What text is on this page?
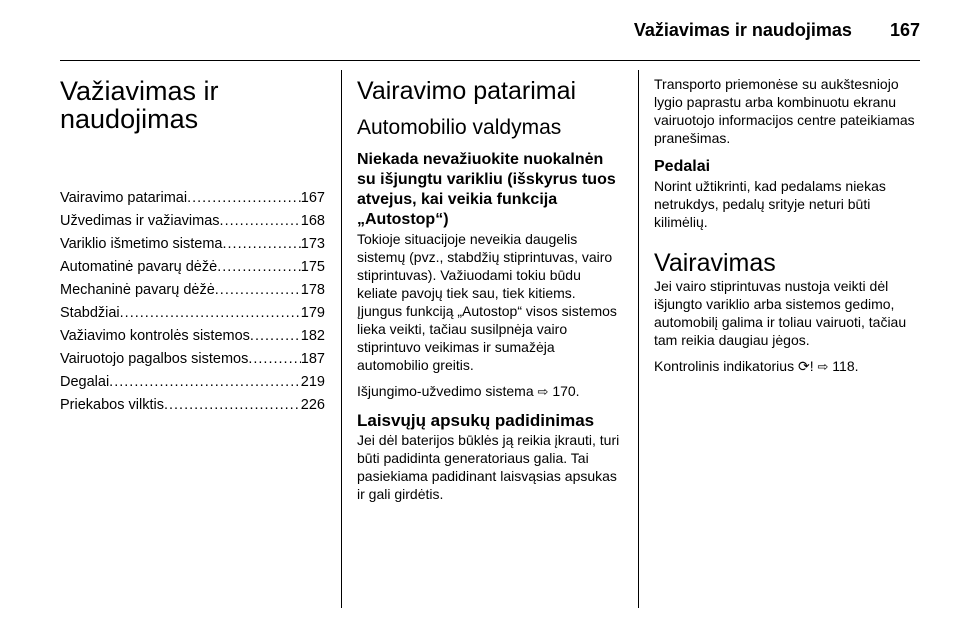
Važiavimas ir naudojimas 167
Važiavimas ir
naudojimas
Vairavimo patarimai .....	167
Užvedimas ir važiavimas .....	168
Variklio išmetimo sistema .....	173
Automatinė pavarų dėžė .....	175
Mechaninė pavarų dėžė .....	178
Stabdžiai .....	179
Važiavimo kontrolės sistemos .....	182
Vairuotojo pagalbos sistemos .....	187
Degalai .....	219
Priekabos vilktis .....	226
Vairavimo patarimai
Automobilio valdymas
Niekada nevažiuokite nuokalnėn su išjungtu varikliu (išskyrus tuos atvejus, kai veikia funkcija „Autostop“)

Tokioje situacijoje neveikia daugelis sistemų (pvz., stabdžių stiprintuvas, vairo stiprintuvas). Važiuodami tokiu būdu keliate pavojų tiek sau, tiek kitiems. Įjungus funkciją „Autostop“ visos sistemos lieka veikti, tačiau susilpnėja vairo stiprintuvo veikimas ir sumažėja automobilio greitis.

Išjungimo-užvedimo sistema ⇨ 170.

Laisvųjų apsukų padidinimas

Jei dėl baterijos būklės ją reikia įkrauti, turi būti padidinta generatoriaus galia. Tai pasiekiama padidinant laisvąsias apsukas ir gali girdėtis.

Transporto priemonėse su aukštesniojo lygio paprastu arba kombinuotu ekranu vairuotojo informacijos centre pateikiamas pranešimas.

Pedalai

Norint užtikrinti, kad pedalams niekas netrukdys, pedalų srityje neturi būti kilimėlių.

Vairavimas

Jei vairo stiprintuvas nustoja veikti dėl išjungto variklio arba sistemos gedimo, automobilį galima ir toliau vairuoti, tačiau tam reikia daugiau jėgos.

Kontrolinis indikatorius ⟳! ⇨ 118.
